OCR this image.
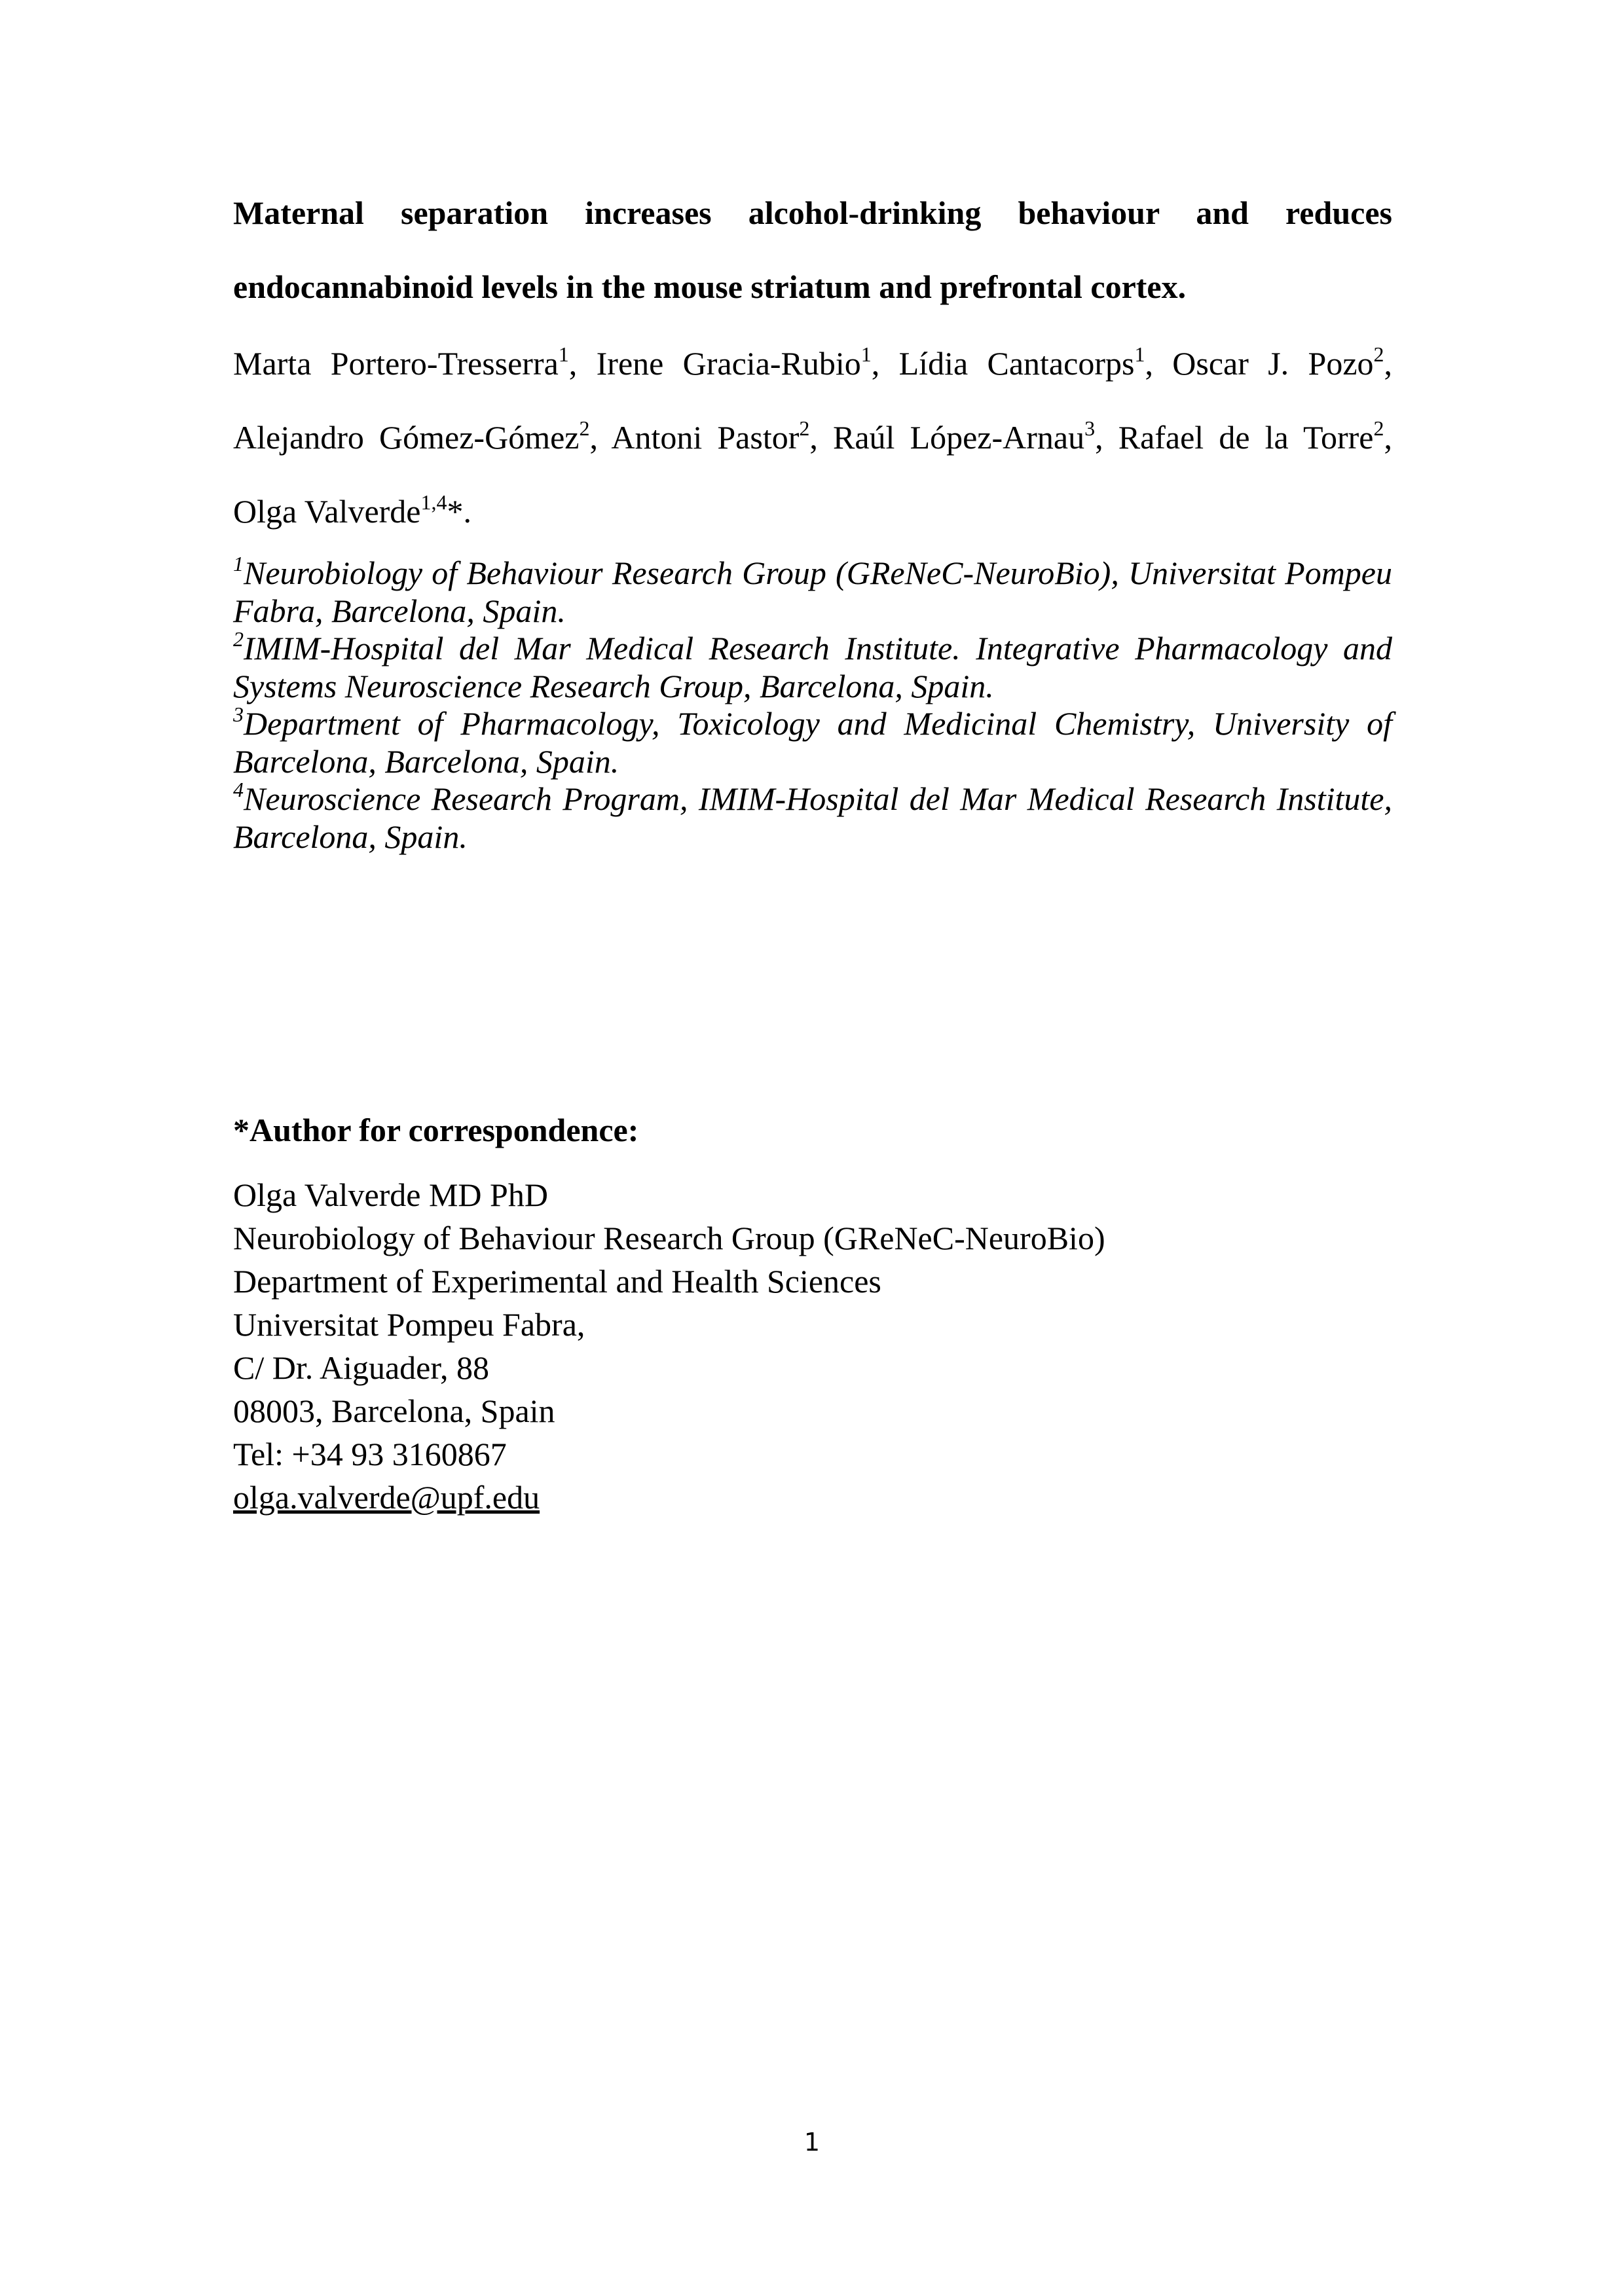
Maternal separation increases alcohol-drinking behaviour and reduces
endocannabinoid levels in the mouse striatum and prefrontal cortex.
Marta Portero-Tresserra$^1$, Irene Gracia-Rubio$^1$, Lídia Cantacorps$^1$, Oscar J. Pozo$^2$,
Alejandro Gómez-Gómez$^2$, Antoni Pastor$^2$, Raúl López-Arnau$^3$, Rafael de la Torre$^2$,
Olga Valverde$^{1,4}$*.
$^1$Neurobiology of Behaviour Research Group (GReNeC-NeuroBio), Universitat Pompeu
Fabra, Barcelona, Spain.
$^2$IMIM-Hospital del Mar Medical Research Institute. Integrative Pharmacology and
Systems Neuroscience Research Group, Barcelona, Spain.
$^3$Department of Pharmacology, Toxicology and Medicinal Chemistry, University of
Barcelona, Barcelona, Spain.
$^4$Neuroscience Research Program, IMIM-Hospital del Mar Medical Research Institute,
Barcelona, Spain.
*Author for correspondence:
Olga Valverde MD PhD
Neurobiology of Behaviour Research Group (GReNeC-NeuroBio)
Department of Experimental and Health Sciences
Universitat Pompeu Fabra,
C/ Dr. Aiguader, 88
08003, Barcelona, Spain
Tel: +34 93 3160867
olga.valverde@upf.edu
1
